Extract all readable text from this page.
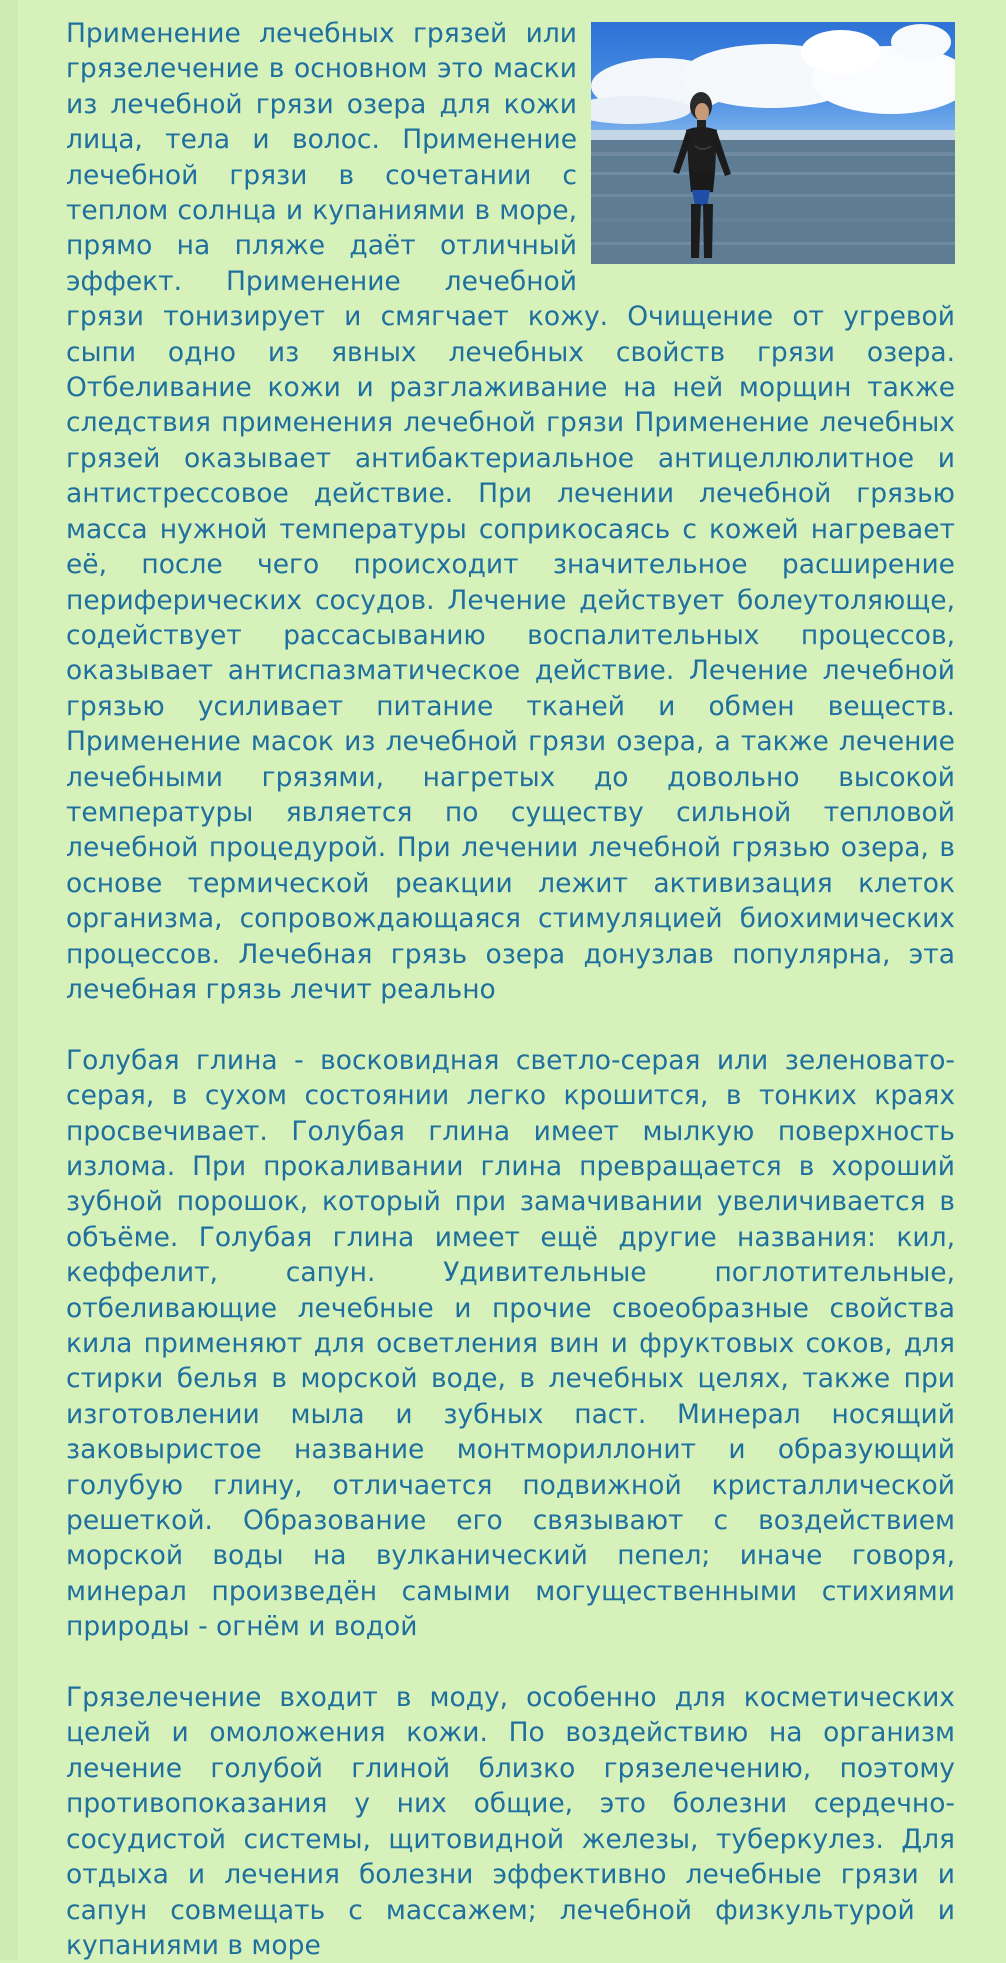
Применение лечебных грязей или грязелечение в основном это маски из лечебной грязи озера для кожи лица, тела и волос. Применение лечебной грязи в сочетании с теплом солнца и купаниями в море, прямо на пляже даёт отличный эффект. Применение лечебной грязи тонизирует и смягчает кожу. Очищение от угревой сыпи одно из явных лечебных свойств грязи озера. Отбеливание кожи и разглаживание на ней морщин также следствия применения лечебной грязи Применение лечебных грязей оказывает антибактериальное антицеллюлитное и антистрессовое действие. При лечении лечебной грязью масса нужной температуры соприкосаясь с кожей нагревает её, после чего происходит значительное расширение периферических сосудов. Лечение действует болеутоляюще, содействует рассасыванию воспалительных процессов, оказывает антиспазматическое действие. Лечение лечебной грязью усиливает питание тканей и обмен веществ. Применение масок из лечебной грязи озера, а также лечение лечебными грязями, нагретых до довольно высокой температуры является по существу сильной тепловой лечебной процедурой. При лечении лечебной грязью озера, в основе термической реакции лежит активизация клеток организма, сопровождающаяся стимуляцией биохимических процессов. Лечебная грязь озера донузлав популярна, эта лечебная грязь лечит реально

Голубая глина - восковидная светло-серая или зеленовато-серая, в сухом состоянии легко крошится, в тонких краях просвечивает. Голубая глина имеет мылкую поверхность излома. При прокаливании глина превращается в хороший зубной порошок, который при замачивании увеличивается в объёме. Голубая глина имеет ещё другие названия: кил, кеффелит, сапун. Удивительные поглотительные, отбеливающие лечебные и прочие своеобразные свойства кила применяют для осветления вин и фруктовых соков, для стирки белья в морской воде, в лечебных целях, также при изготовлении мыла и зубных паст. Минерал носящий заковыристое название монтмориллонит и образующий голубую глину, отличается подвижной кристаллической решеткой. Образование его связывают с воздействием морской воды на вулканический пепел; иначе говоря, минерал произведён самыми могущественными стихиями природы - огнём и водой

Грязелечение входит в моду, особенно для косметических целей и омоложения кожи. По воздействию на организм лечение голубой глиной близко грязелечению, поэтому противопоказания у них общие, это болезни сердечно-сосудистой системы, щитовидной железы, туберкулез. Для отдыха и лечения болезни эффективно лечебные грязи и сапун совмещать с массажем; лечебной физкультурой и купаниями в море
